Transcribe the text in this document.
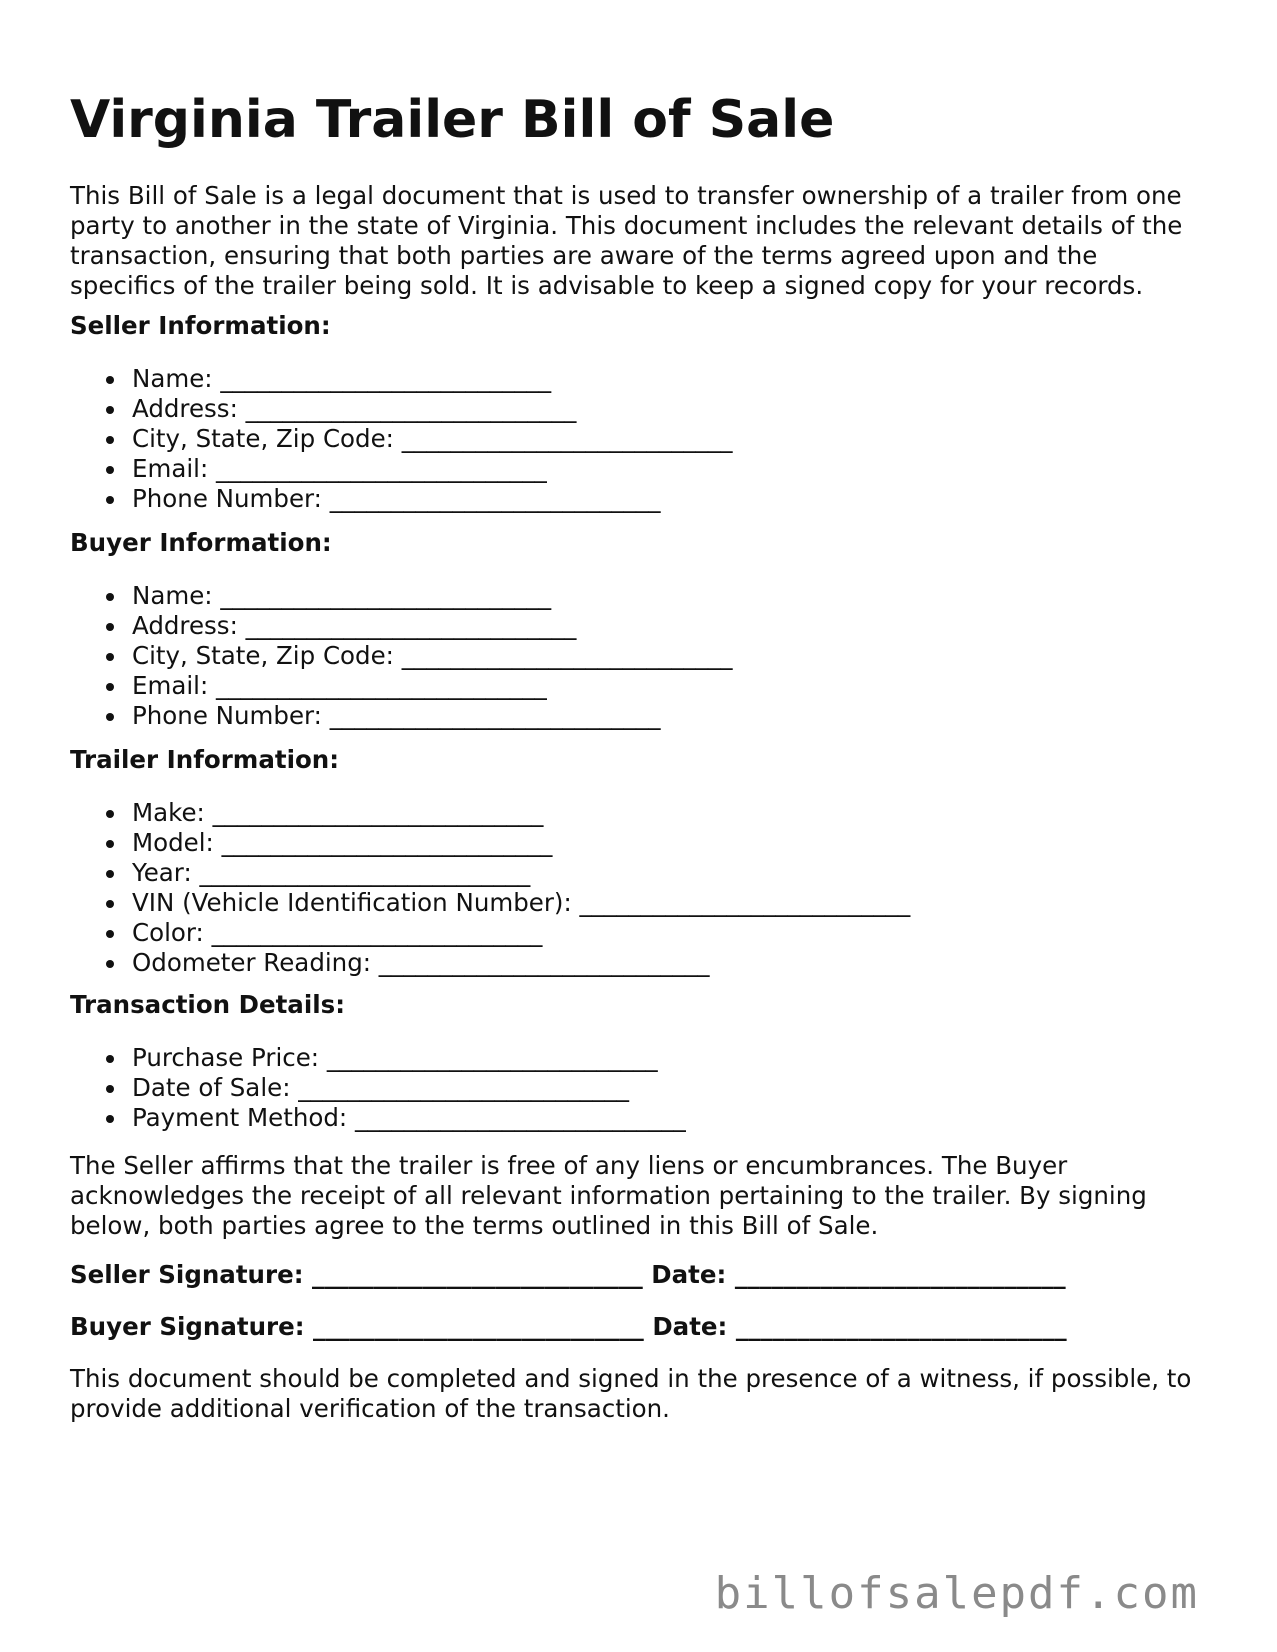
Virginia Trailer Bill of Sale

This Bill of Sale is a legal document that is used to transfer ownership of a trailer from one party to another in the state of Virginia. This document includes the relevant details of the transaction, ensuring that both parties are aware of the terms agreed upon and the specifics of the trailer being sold. It is advisable to keep a signed copy for your records.

Seller Information:
Name: ___________________________
Address: ___________________________
City, State, Zip Code: ___________________________
Email: ___________________________
Phone Number: ___________________________
Buyer Information:
Name: ___________________________
Address: ___________________________
City, State, Zip Code: ___________________________
Email: ___________________________
Phone Number: ___________________________
Trailer Information:
Make: ___________________________
Model: ___________________________
Year: ___________________________
VIN (Vehicle Identification Number): ___________________________
Color: ___________________________
Odometer Reading: ___________________________
Transaction Details:
Purchase Price: ___________________________
Date of Sale: ___________________________
Payment Method: ___________________________

The Seller affirms that the trailer is free of any liens or encumbrances. The Buyer acknowledges the receipt of all relevant information pertaining to the trailer. By signing below, both parties agree to the terms outlined in this Bill of Sale.

Seller Signature: ___________________________ Date: ___________________________

Buyer Signature: ___________________________ Date: ___________________________

This document should be completed and signed in the presence of a witness, if possible, to provide additional verification of the transaction.

billofsalepdf.com
